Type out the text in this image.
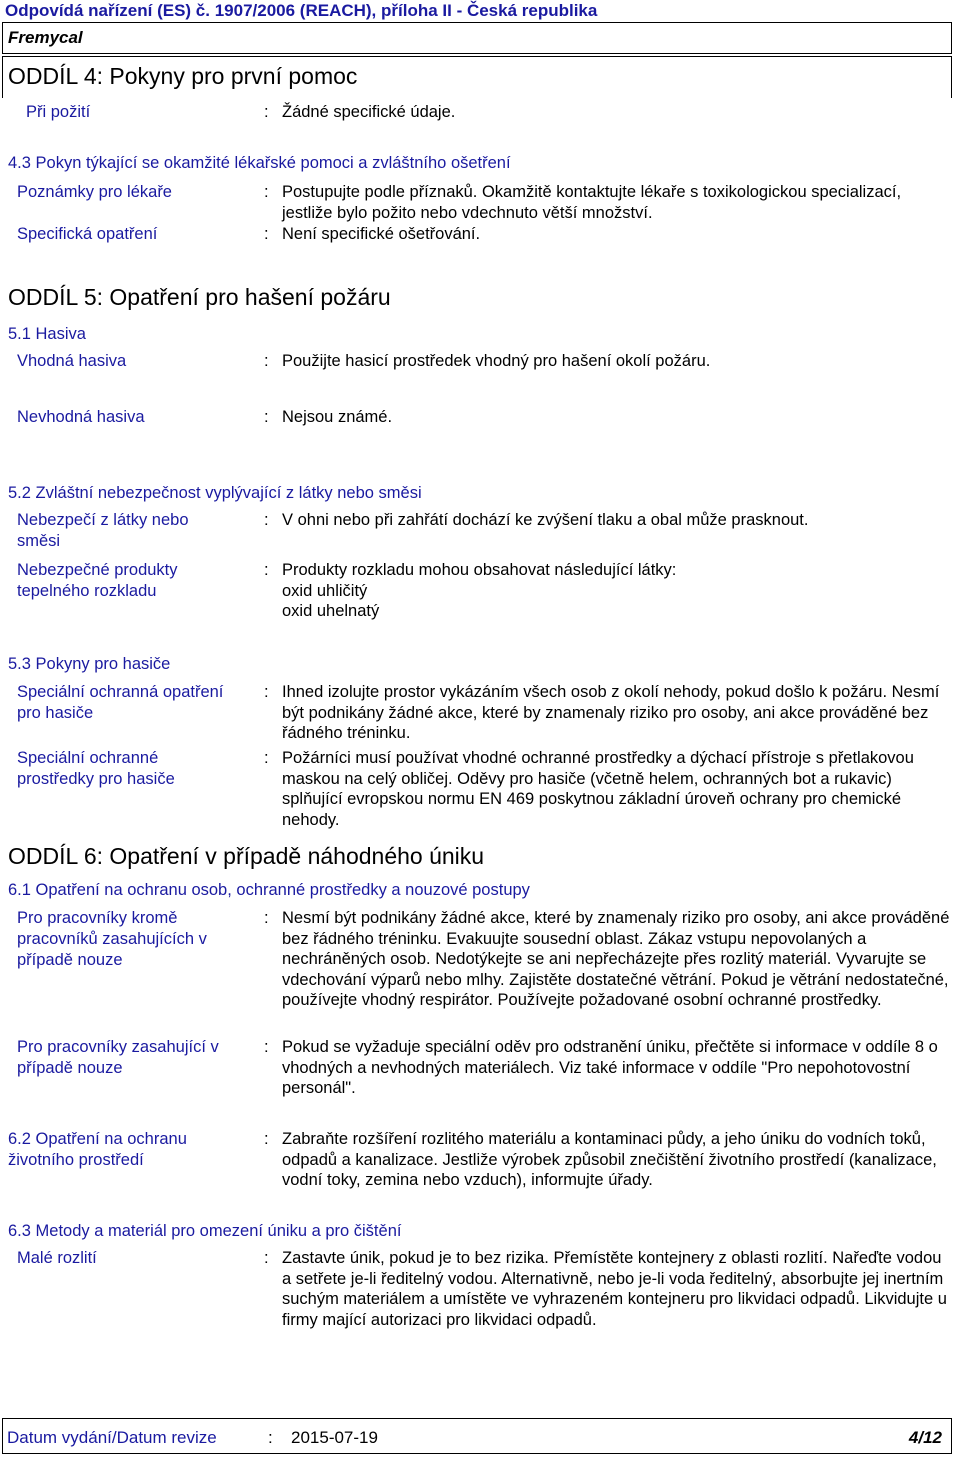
Odpovídá nařízení (ES) č. 1907/2006 (REACH), příloha II - Česká republika
Fremycal
ODDÍL 4: Pokyny pro první pomoc
Při požití	: Žádné specifické údaje.
4.3 Pokyn týkající se okamžité lékařské pomoci a zvláštního ošetření
Poznámky pro lékaře	: Postupujte podle příznaků. Okamžitě kontaktujte lékaře s toxikologickou specializací, jestliže bylo požito nebo vdechnuto větší množství.
Specifická opatření	: Není specifické ošetřování.
ODDÍL 5: Opatření pro hašení požáru
5.1 Hasiva
Vhodná hasiva	: Použijte hasicí prostředek vhodný pro hašení okolí požáru.
Nevhodná hasiva	: Nejsou známé.
5.2 Zvláštní nebezpečnost vyplývající z látky nebo směsi
Nebezpečí z látky nebo směsi
: V ohni nebo při zahřátí dochází ke zvýšení tlaku a obal může prasknout.
Nebezpečné produkty tepelného rozkladu
: Produkty rozkladu mohou obsahovat následující látky:
oxid uhličitý
oxid uhelnatý
5.3 Pokyny pro hasiče
Speciální ochranná opatření pro hasiče
: Ihned izolujte prostor vykázáním všech osob z okolí nehody, pokud došlo k požáru. Nesmí být podnikány žádné akce, které by znamenaly riziko pro osoby, ani akce prováděné bez řádného tréninku.
Speciální ochranné prostředky pro hasiče
: Požárníci musí používat vhodné ochranné prostředky a dýchací přístroje s přetlakovou maskou na celý obličej. Oděvy pro hasiče (včetně helem, ochranných bot a rukavic) splňující evropskou normu EN 469 poskytnou základní úroveň ochrany pro chemické nehody.
ODDÍL 6: Opatření v případě náhodného úniku
6.1 Opatření na ochranu osob, ochranné prostředky a nouzové postupy
Pro pracovníky kromě pracovníků zasahujících v případě nouze
: Nesmí být podnikány žádné akce, které by znamenaly riziko pro osoby, ani akce prováděné bez řádného tréninku. Evakuujte sousední oblast. Zákaz vstupu nepovolaných a nechráněných osob. Nedotýkejte se ani nepřecházejte přes rozlitý materiál. Vyvarujte se vdechování výparů nebo mlhy. Zajistěte dostatečné větrání. Pokud je větrání nedostatečné, používejte vhodný respirátor. Používejte požadované osobní ochranné prostředky.
Pro pracovníky zasahující v případě nouze
: Pokud se vyžaduje speciální oděv pro odstranění úniku, přečtěte si informace v oddíle 8 o vhodných a nevhodných materiálech. Viz také informace v oddíle "Pro nepohotovostní personál".
6.2 Opatření na ochranu životního prostředí
: Zabraňte rozšíření rozlitého materiálu a kontaminaci půdy, a jeho úniku do vodních toků, odpadů a kanalizace. Jestliže výrobek způsobil znečištění životního prostředí (kanalizace, vodní toky, zemina nebo vzduch), informujte úřady.
6.3 Metody a materiál pro omezení úniku a pro čištění
Malé rozlití	: Zastavte únik, pokud je to bez rizika. Přemístěte kontejnery z oblasti rozlití. Nařeďte vodou a setřete je-li ředitelný vodou. Alternativně, nebo je-li voda ředitelný, absorbujte jej inertním suchým materiálem a umístěte ve vyhrazeném kontejneru pro likvidaci odpadů. Likvidujte u firmy mající autorizaci pro likvidaci odpadů.
Datum vydání/Datum revize	: 2015-07-19	4/12
